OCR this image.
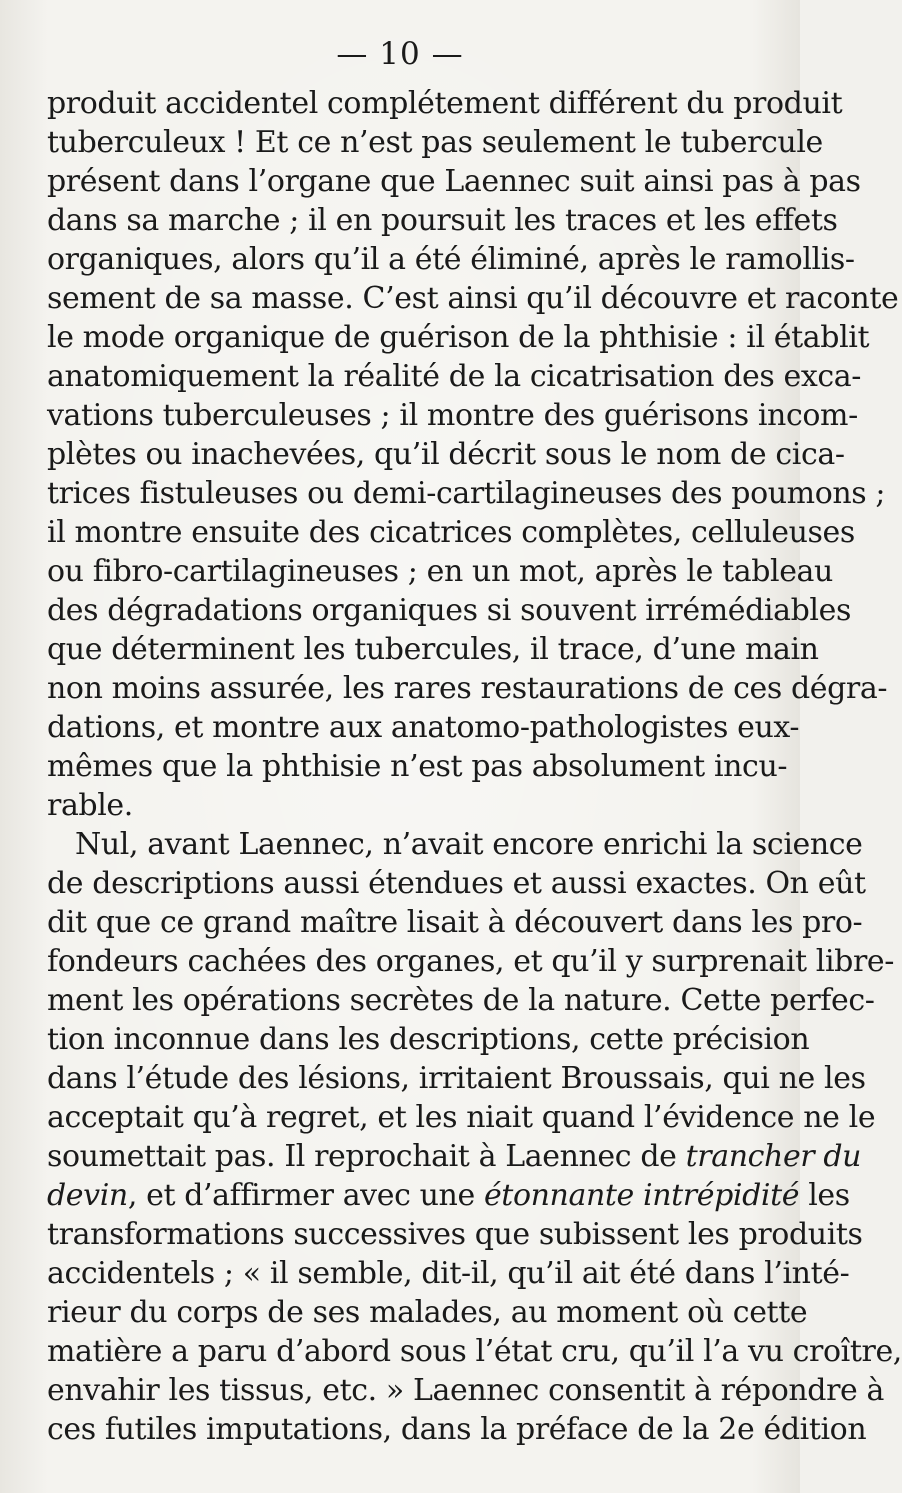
— 10 —
produit accidentel complétement différent du produit
tuberculeux ! Et ce n’est pas seulement le tubercule
présent dans l’organe que Laennec suit ainsi pas à pas
dans sa marche ; il en poursuit les traces et les effets
organiques, alors qu’il a été éliminé, après le ramollis-
sement de sa masse. C’est ainsi qu’il découvre et raconte
le mode organique de guérison de la phthisie : il établit
anatomiquement la réalité de la cicatrisation des exca-
vations tuberculeuses ; il montre des guérisons incom-
plètes ou inachevées, qu’il décrit sous le nom de cica-
trices fistuleuses ou demi-cartilagineuses des poumons ;
il montre ensuite des cicatrices complètes, celluleuses
ou fibro-cartilagineuses ; en un mot, après le tableau
des dégradations organiques si souvent irrémédiables
que déterminent les tubercules, il trace, d’une main
non moins assurée, les rares restaurations de ces dégra-
dations, et montre aux anatomo-pathologistes eux-
mêmes que la phthisie n’est pas absolument incu-
rable.
Nul, avant Laennec, n’avait encore enrichi la science
de descriptions aussi étendues et aussi exactes. On eût
dit que ce grand maître lisait à découvert dans les pro-
fondeurs cachées des organes, et qu’il y surprenait libre-
ment les opérations secrètes de la nature. Cette perfec-
tion inconnue dans les descriptions, cette précision
dans l’étude des lésions, irritaient Broussais, qui ne les
acceptait qu’à regret, et les niait quand l’évidence ne le
soumettait pas. Il reprochait à Laennec de trancher du
devin, et d’affirmer avec une étonnante intrépidité les
transformations successives que subissent les produits
accidentels ; « il semble, dit-il, qu’il ait été dans l’inté-
rieur du corps de ses malades, au moment où cette
matière a paru d’abord sous l’état cru, qu’il l’a vu croître,
envahir les tissus, etc. » Laennec consentit à répondre à
ces futiles imputations, dans la préface de la 2e édition
